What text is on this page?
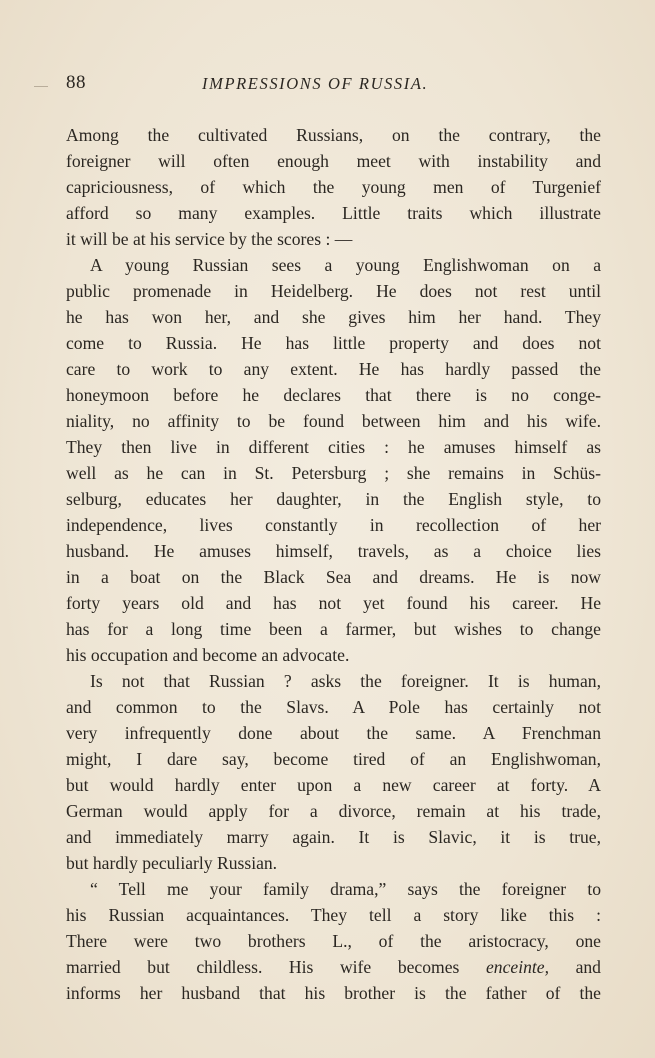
88	IMPRESSIONS OF RUSSIA.
Among the cultivated Russians, on the contrary, the
foreigner will often enough meet with instability and
capriciousness, of which the young men of Turgenief
afford so many examples. Little traits which illustrate
it will be at his service by the scores : —
A young Russian sees a young Englishwoman on a
public promenade in Heidelberg. He does not rest until
he has won her, and she gives him her hand. They
come to Russia. He has little property and does not
care to work to any extent. He has hardly passed the
honeymoon before he declares that there is no conge-
niality, no affinity to be found between him and his wife.
They then live in different cities : he amuses himself as
well as he can in St. Petersburg ; she remains in Schüs-
selburg, educates her daughter, in the English style, to
independence, lives constantly in recollection of her
husband. He amuses himself, travels, as a choice lies
in a boat on the Black Sea and dreams. He is now
forty years old and has not yet found his career. He
has for a long time been a farmer, but wishes to change
his occupation and become an advocate.
Is not that Russian ? asks the foreigner. It is human,
and common to the Slavs. A Pole has certainly not
very infrequently done about the same. A Frenchman
might, I dare say, become tired of an Englishwoman,
but would hardly enter upon a new career at forty. A
German would apply for a divorce, remain at his trade,
and immediately marry again. It is Slavic, it is true,
but hardly peculiarly Russian.
“ Tell me your family drama,” says the foreigner to
his Russian acquaintances. They tell a story like this :
There were two brothers L., of the aristocracy, one
married but childless. His wife becomes enceinte, and
informs her husband that his brother is the father of the
